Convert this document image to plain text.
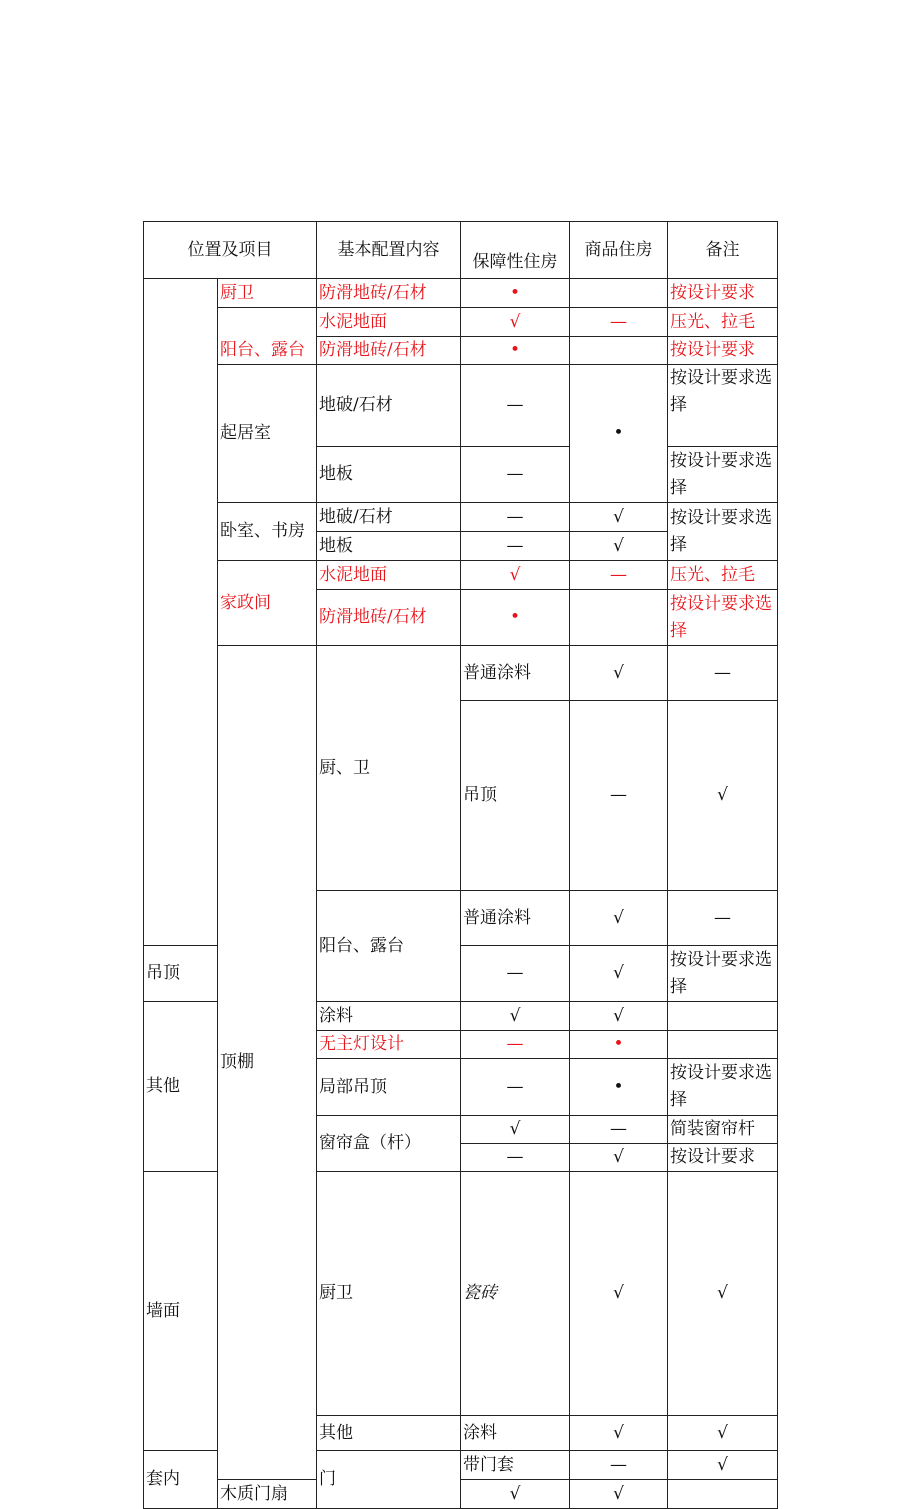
位置及项目		基本配置内容	保障性住房	商品住房	备注	
	厨卫	防滑地砖/石材	•		按设计要求	
	阳台、露台	水泥地面	√	—	压光、拉毛	
		防滑地砖/石材	•		按设计要求	
	起居室	地破/石材	—	•	按设计要求选择	
		地板	—		按设计要求选择	
	卧室、书房	地破/石材	—	√	按设计要求选择	
		地板	—	√		
	家政间	水泥地面	√	—	压光、拉毛	
		防滑地砖/石材	•		按设计要求选择	
	顶棚	厨、卫	普通涂料	√	—	
			吊顶	—	√	
		阳台、露台	普通涂料	√	—	
吊顶			—	√	按设计要求选择	
其他		涂料	√	√		
		无主灯设计	—	•		
		局部吊顶	—	•	按设计要求选择	
		窗帘盒（杆）	√	—	简装窗帘杆	
			—	√	按设计要求	
墙面		厨卫	瓷砖	√	√	
		其他	涂料	√	√	
套内		门	带门套	—	√	
	木质门扇		√	√		
